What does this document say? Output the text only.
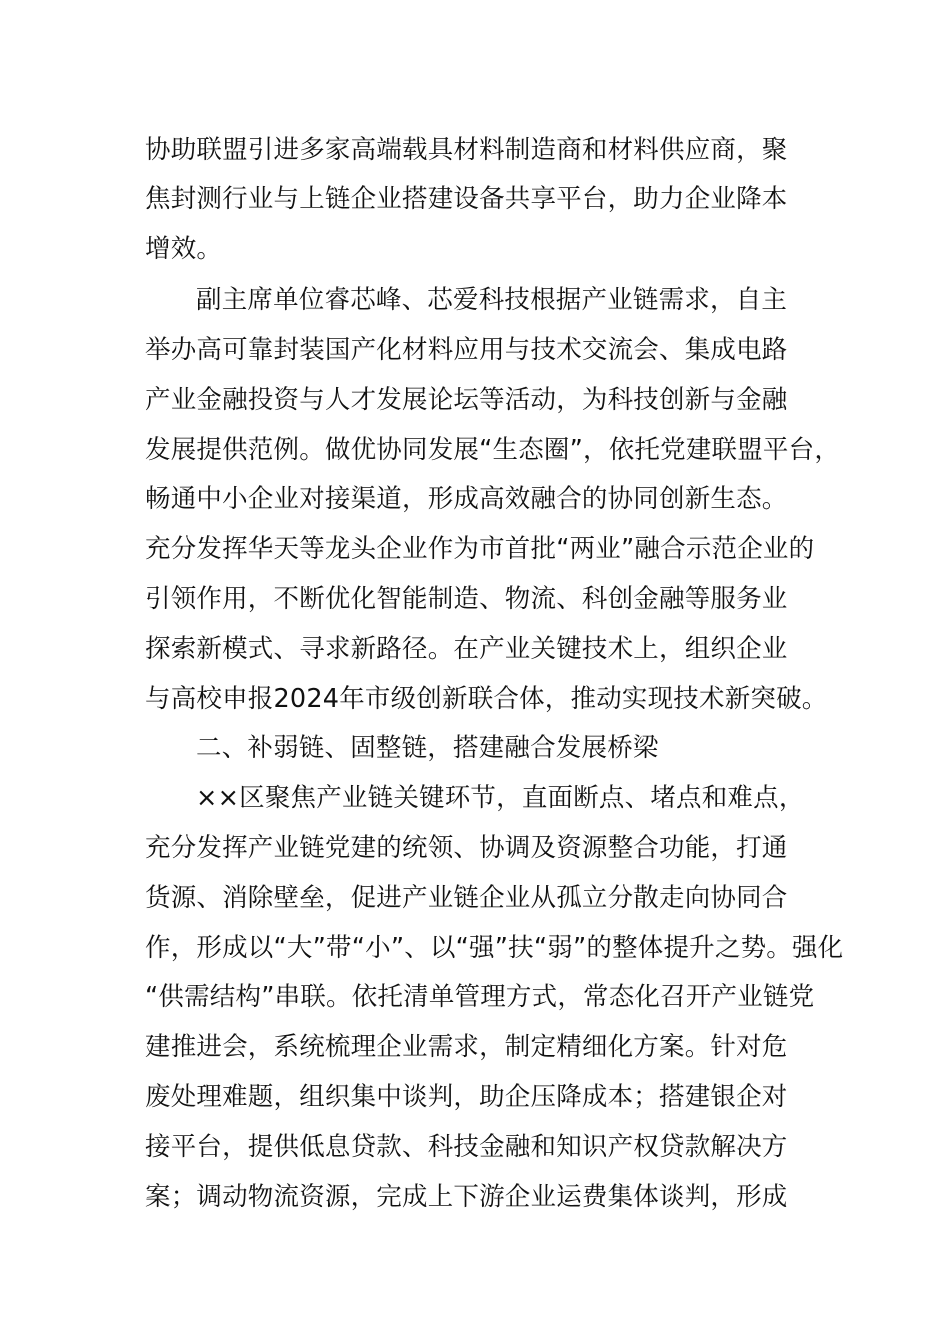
协助联盟引进多家高端载具材料制造商和材料供应商，聚
焦封测行业与上链企业搭建设备共享平台，助力企业降本
增效。
副主席单位睿芯峰、芯爱科技根据产业链需求，自主
举办高可靠封装国产化材料应用与技术交流会、集成电路
产业金融投资与人才发展论坛等活动，为科技创新与金融
发展提供范例。做优协同发展“生态圈”，依托党建联盟平台，
畅通中小企业对接渠道，形成高效融合的协同创新生态。
充分发挥华天等龙头企业作为市首批“两业”融合示范企业的
引领作用，不断优化智能制造、物流、科创金融等服务业
探索新模式、寻求新路径。在产业关键技术上，组织企业
与高校申报2024年市级创新联合体，推动实现技术新突破。
二、补弱链、固整链，搭建融合发展桥梁
××区聚焦产业链关键环节，直面断点、堵点和难点，
充分发挥产业链党建的统领、协调及资源整合功能，打通
货源、消除壁垒，促进产业链企业从孤立分散走向协同合
作，形成以“大”带“小”、以“强”扶“弱”的整体提升之势。强化
“供需结构”串联。依托清单管理方式，常态化召开产业链党
建推进会，系统梳理企业需求，制定精细化方案。针对危
废处理难题，组织集中谈判，助企压降成本；搭建银企对
接平台，提供低息贷款、科技金融和知识产权贷款解决方
案；调动物流资源，完成上下游企业运费集体谈判，形成
